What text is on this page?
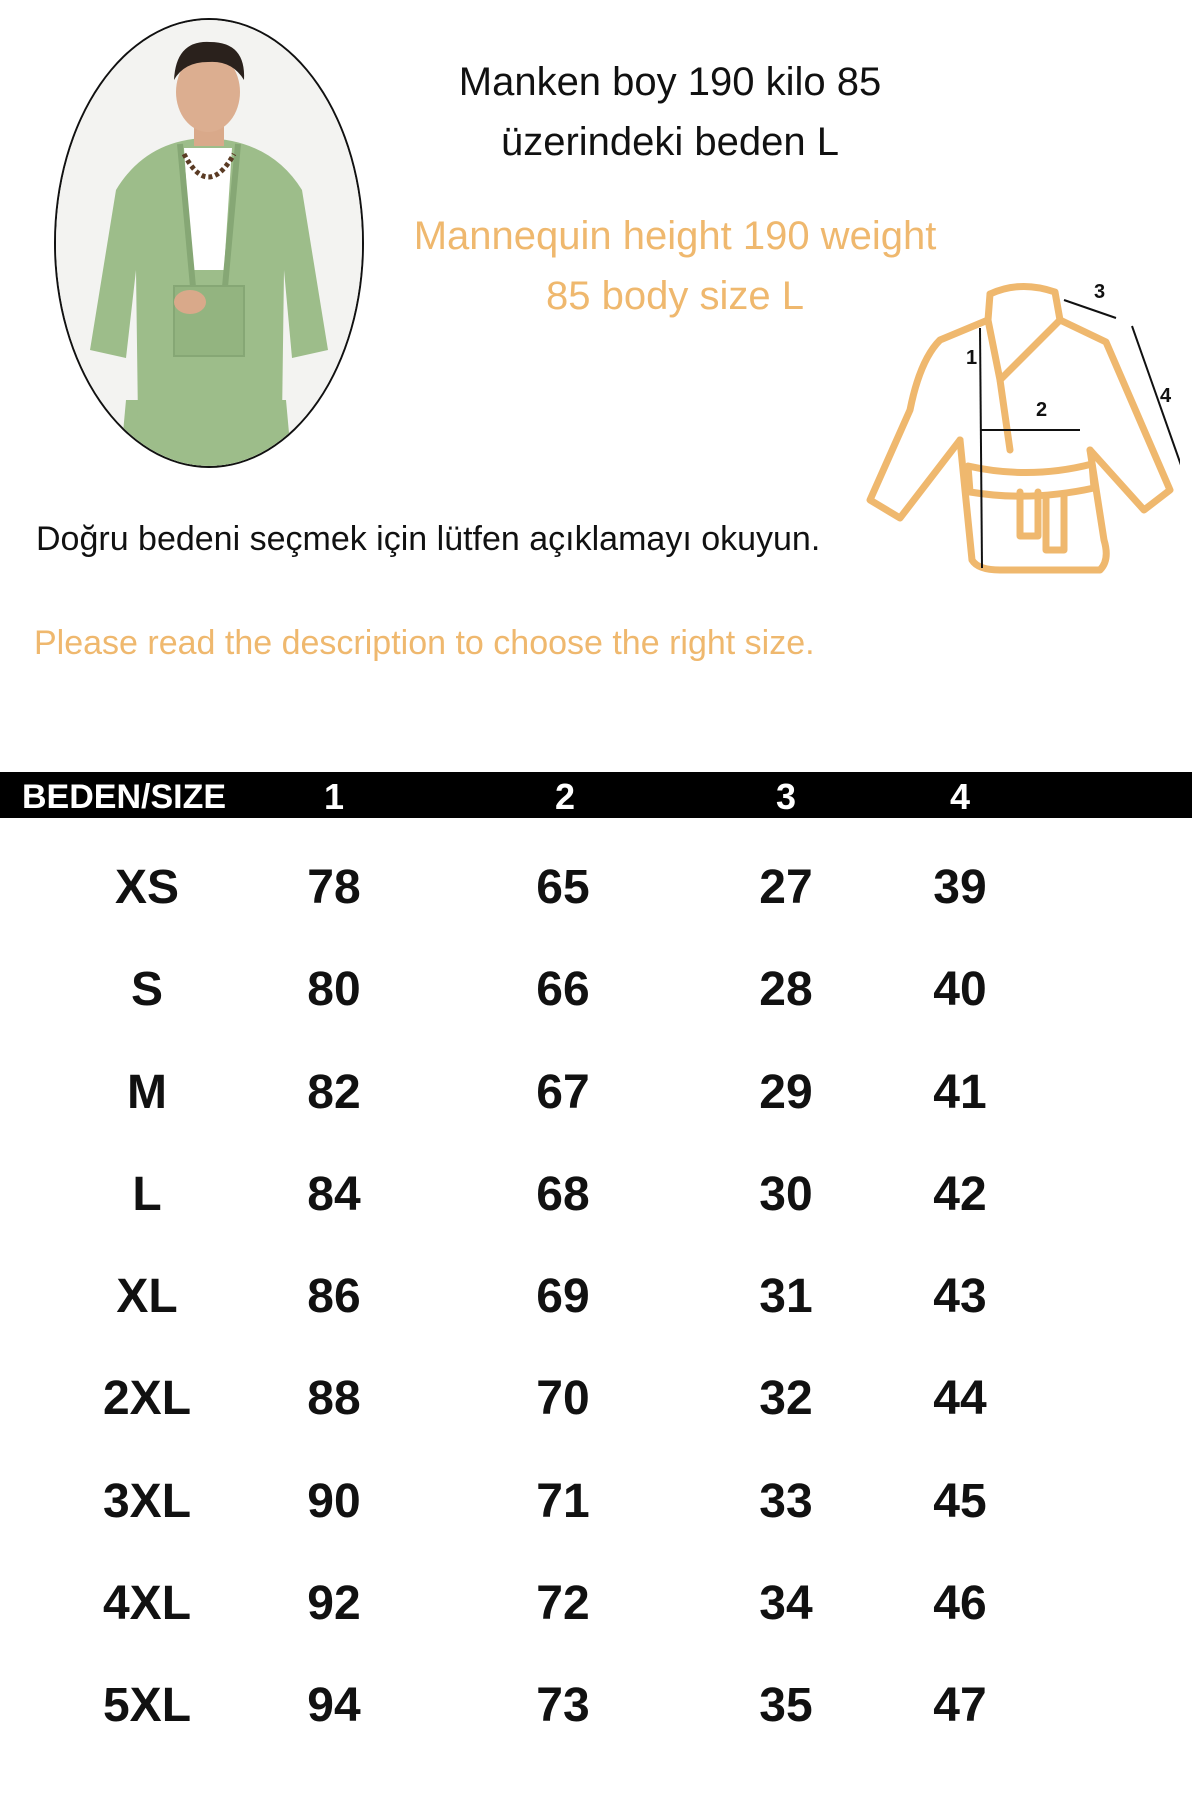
Manken boy 190 kilo 85
üzerindeki beden L
Mannequin height 190 weight
85 body size L
1
2
3
4
Doğru bedeni seçmek için lütfen açıklamayı okuyun.
Please read the description to choose the right size.
BEDEN/SIZE	1	2	3	4
XS	78	65	27	39
S	80	66	28	40
M	82	67	29	41
L	84	68	30	42
XL	86	69	31	43
2XL 88	70	32	44
3XL 90	71	33	45
4XL 92	72	34	46
5XL 94	73	35	47
